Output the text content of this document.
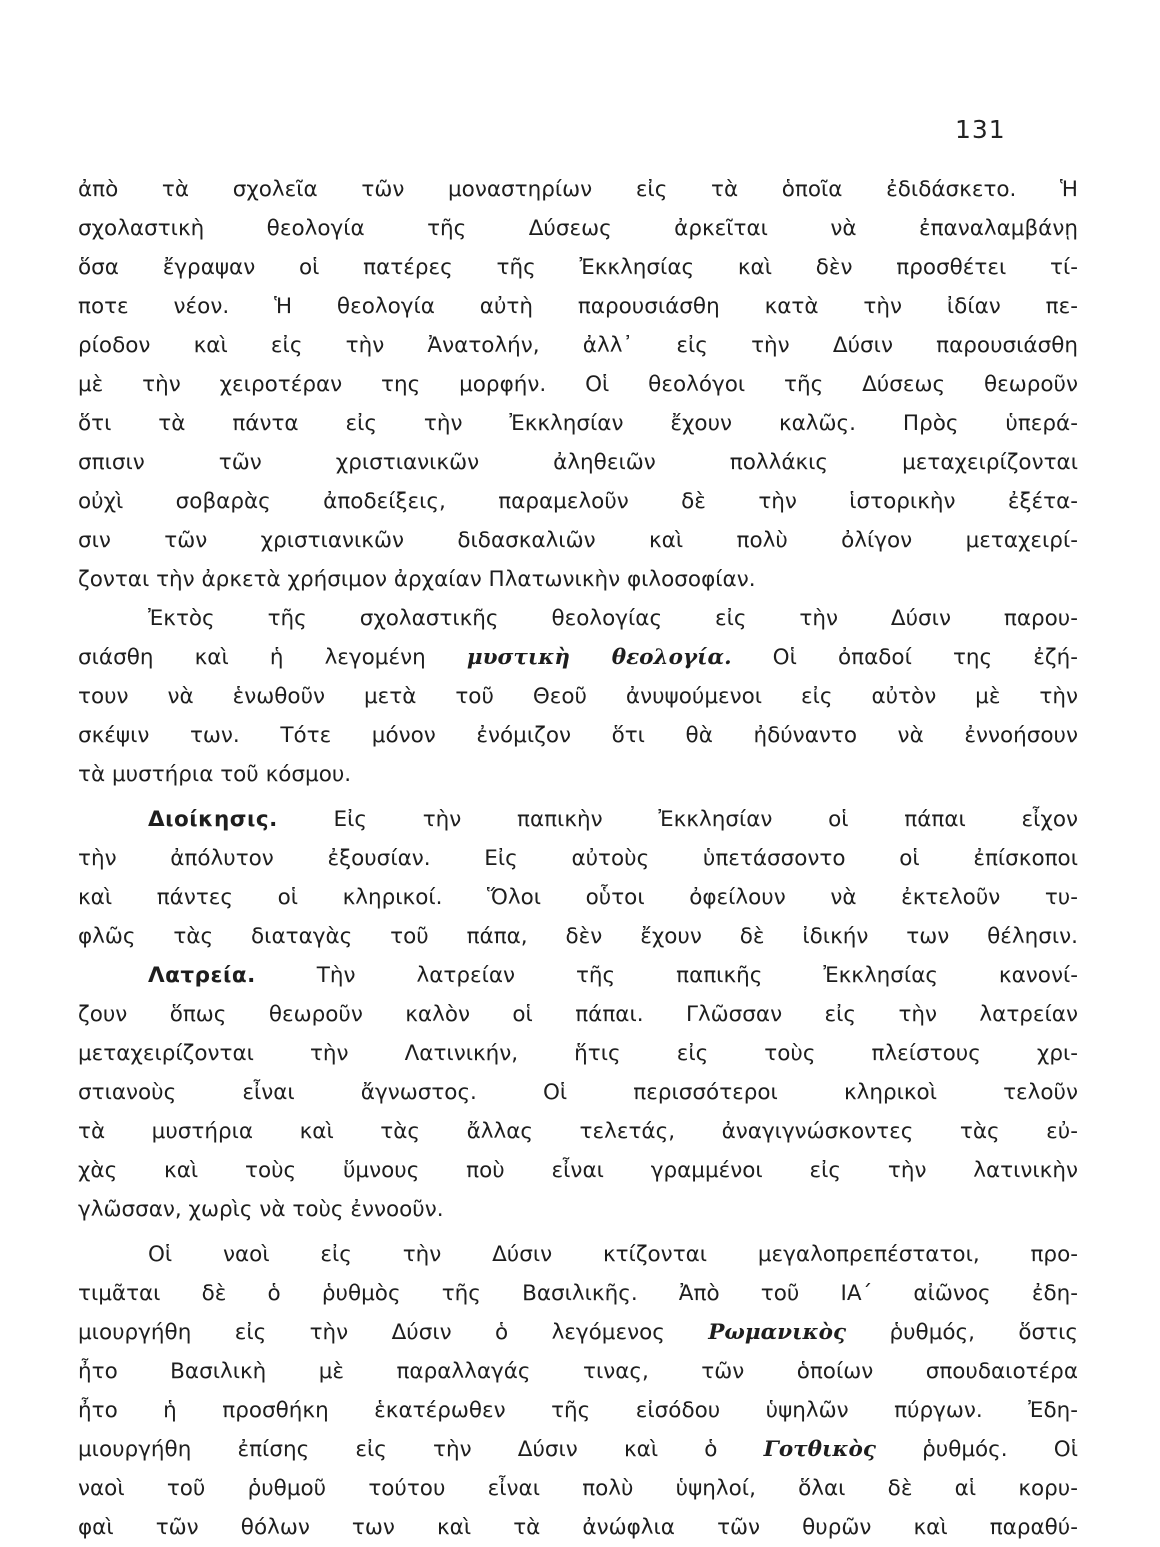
131
ἀπὸ τὰ σχολεῖα τῶν μοναστηρίων εἰς τὰ ὁποῖα ἐδιδάσκετο. Ἡ
σχολαστικὴ θεολογία τῆς Δύσεως ἀρκεῖται νὰ ἐπαναλαμβάνῃ
ὅσα ἔγραψαν οἱ πατέρες τῆς Ἐκκλησίας καὶ δὲν προσθέτει τί-
ποτε νέον. Ἡ θεολογία αὐτὴ παρουσιάσθη κατὰ τὴν ἰδίαν πε-
ρίοδον καὶ εἰς τὴν Ἀνατολήν, ἀλλ᾽ εἰς τὴν Δύσιν παρουσιάσθη
μὲ τὴν χειροτέραν της μορφήν. Οἱ θεολόγοι τῆς Δύσεως θεωροῦν
ὅτι τὰ πάντα εἰς τὴν Ἐκκλησίαν ἔχουν καλῶς. Πρὸς ὑπερά-
σπισιν τῶν χριστιανικῶν ἀληθειῶν πολλάκις μεταχειρίζονται
οὐχὶ σοβαρὰς ἀποδείξεις, παραμελοῦν δὲ τὴν ἱστορικὴν ἐξέτα-
σιν τῶν χριστιανικῶν διδασκαλιῶν καὶ πολὺ ὀλίγον μεταχειρί-
ζονται τὴν ἀρκετὰ χρήσιμον ἀρχαίαν Πλατωνικὴν φιλοσοφίαν.
Ἐκτὸς τῆς σχολαστικῆς θεολογίας εἰς τὴν Δύσιν παρου-
σιάσθη καὶ ἡ λεγομένη μυστικὴ θεολογία. Οἱ ὀπαδοί της ἐζή-
τουν νὰ ἑνωθοῦν μετὰ τοῦ Θεοῦ ἀνυψούμενοι εἰς αὐτὸν μὲ τὴν
σκέψιν των. Τότε μόνον ἐνόμιζον ὅτι θὰ ἠδύναντο νὰ ἐννοήσουν
τὰ μυστήρια τοῦ κόσμου.
Διοίκησις. Εἰς τὴν παπικὴν Ἐκκλησίαν οἱ πάπαι εἶχον
τὴν ἀπόλυτον ἐξουσίαν. Εἰς αὐτοὺς ὑπετάσσοντο οἱ ἐπίσκοποι
καὶ πάντες οἱ κληρικοί. Ὅλοι οὗτοι ὀφείλουν νὰ ἐκτελοῦν τυ-
φλῶς τὰς διαταγὰς τοῦ πάπα, δὲν ἔχουν δὲ ἰδικήν των θέλησιν.
Λατρεία. Τὴν λατρείαν τῆς παπικῆς Ἐκκλησίας κανονί-
ζουν ὅπως θεωροῦν καλὸν οἱ πάπαι. Γλῶσσαν εἰς τὴν λατρείαν
μεταχειρίζονται τὴν Λατινικήν, ἥτις εἰς τοὺς πλείστους χρι-
στιανοὺς εἶναι ἄγνωστος. Οἱ περισσότεροι κληρικοὶ τελοῦν
τὰ μυστήρια καὶ τὰς ἄλλας τελετάς, ἀναγιγνώσκοντες τὰς εὐ-
χὰς καὶ τοὺς ὕμνους ποὺ εἶναι γραμμένοι εἰς τὴν λατινικὴν
γλῶσσαν, χωρὶς νὰ τοὺς ἐννοοῦν.
Οἱ ναοὶ εἰς τὴν Δύσιν κτίζονται μεγαλοπρεπέστατοι, προ-
τιμᾶται δὲ ὁ ῥυθμὸς τῆς Βασιλικῆς. Ἀπὸ τοῦ ΙΑ΄ αἰῶνος ἐδη-
μιουργήθη εἰς τὴν Δύσιν ὁ λεγόμενος Ρωμανικὸς ῥυθμός, ὅστις
ἦτο Βασιλικὴ μὲ παραλλαγάς τινας, τῶν ὁποίων σπουδαιοτέρα
ἦτο ἡ προσθήκη ἑκατέρωθεν τῆς εἰσόδου ὑψηλῶν πύργων. Ἐδη-
μιουργήθη ἐπίσης εἰς τὴν Δύσιν καὶ ὁ Γοτθικὸς ῥυθμός. Οἱ
ναοὶ τοῦ ῥυθμοῦ τούτου εἶναι πολὺ ὑψηλοί, ὅλαι δὲ αἱ κορυ-
φαὶ τῶν θόλων των καὶ τὰ ἀνώφλια τῶν θυρῶν καὶ παραθύ-
